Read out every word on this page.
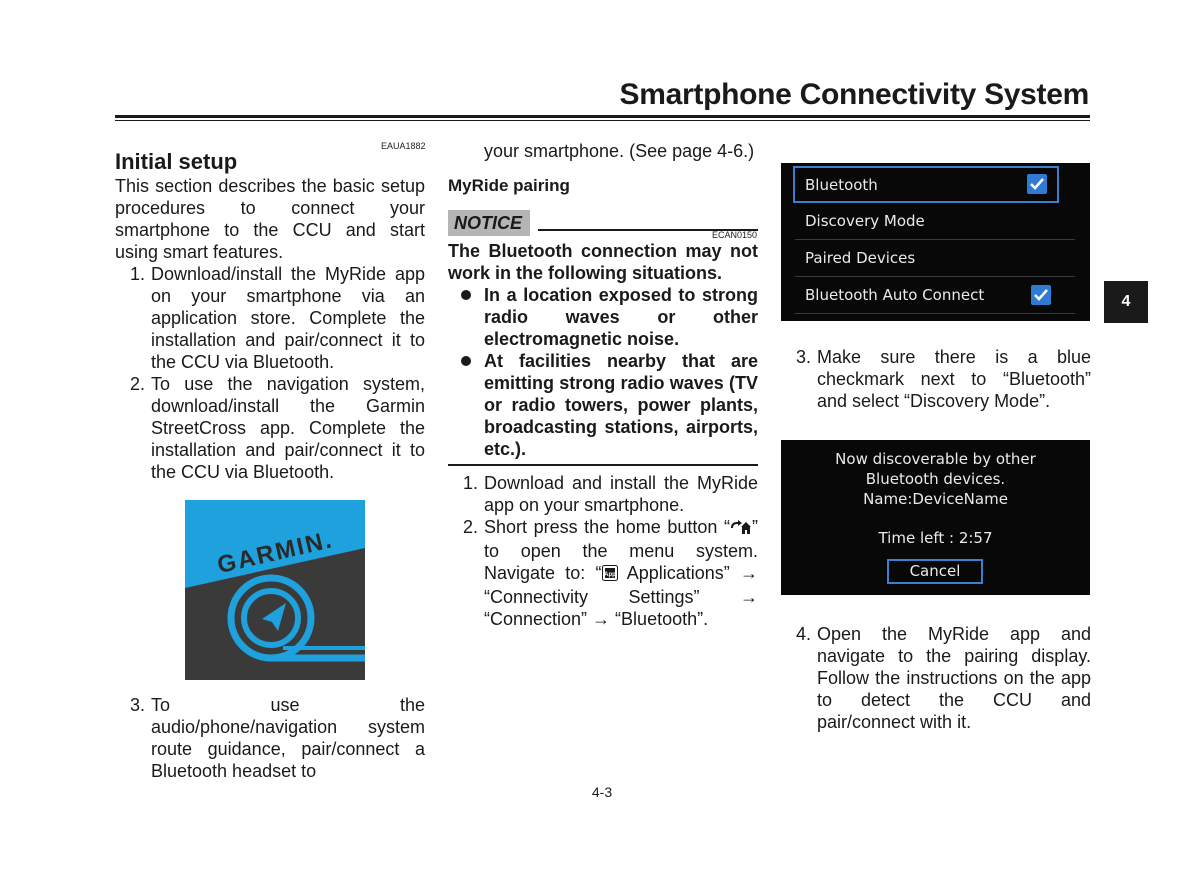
Smartphone Connectivity System
EAUA1882
Initial setup

This section describes the basic setup procedures to connect your smartphone to the CCU and start using smart features.

1. Download/install the MyRide app on your smartphone via an application store. Complete the installation and pair/connect it to the CCU via Bluetooth.
2. To use the navigation system, download/install the Garmin StreetCross app. Complete the installation and pair/connect it to the CCU via Bluetooth.
GARMIN.
3. To use the audio/phone/navigation system route guidance, pair/connect a Bluetooth headset to
your smartphone. (See page 4-6.)
MyRide pairing
NOTICE

The Bluetooth connection may not work in the following situations.

In a location exposed to strong radio waves or other electromagnetic noise.
At facilities nearby that are emitting strong radio waves (TV or radio towers, power plants, broadcasting stations, airports, etc.).
1. Download and install the MyRide app on your smartphone.
2. Short press the home button “ ” to open the menu system. Navigate to: “ App Applications” → “Connectivity Settings” → “Connection” → “Bluetooth”.
ECAN0150
Bluetooth
Discovery Mode
Paired Devices
Bluetooth Auto Connect
3. Make sure there is a blue checkmark next to “Bluetooth” and select “Discovery Mode”.
Now discoverable by other
Bluetooth devices.
Name:DeviceName
Time left : 2:57
Cancel
4. Open the MyRide app and navigate to the pairing display. Follow the instructions on the app to detect the CCU and pair/connect with it.
4
4-3
